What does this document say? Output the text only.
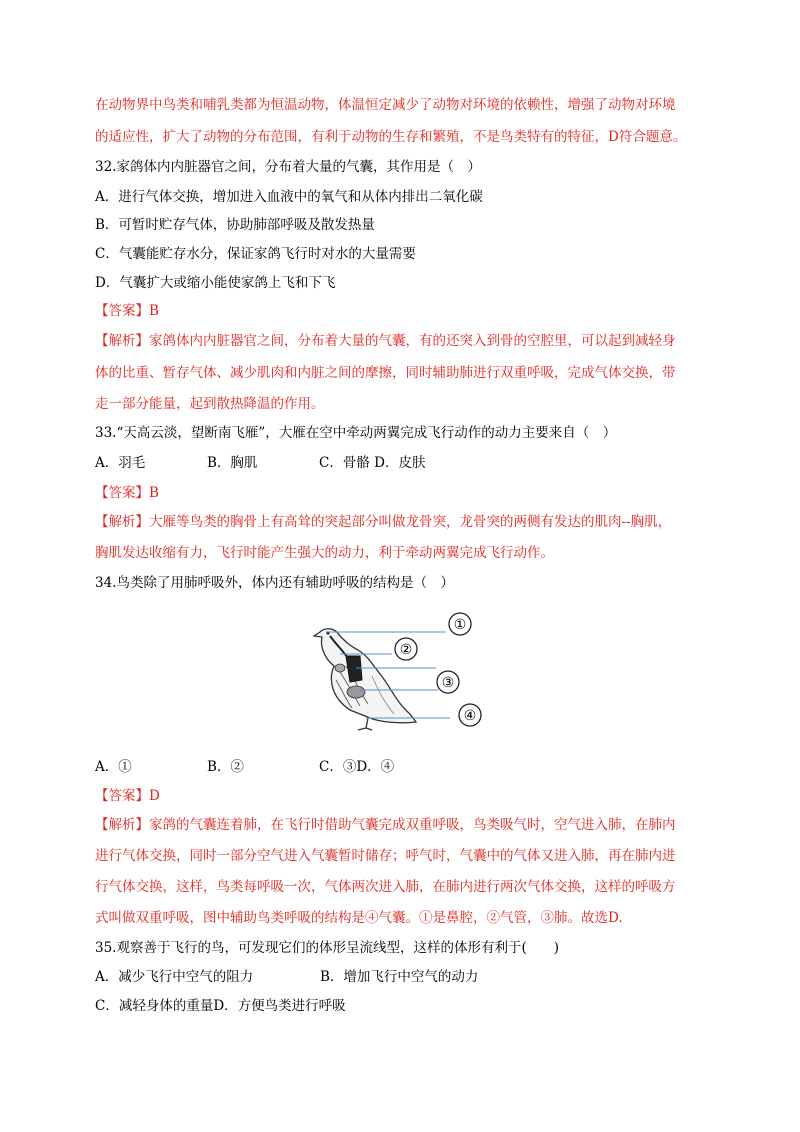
在动物界中鸟类和哺乳类都为恒温动物，体温恒定减少了动物对环境的依赖性，增强了动物对环境
的适应性，扩大了动物的分布范围，有利于动物的生存和繁殖，不是鸟类特有的特征，D符合题意。
32.家鸽体内内脏器官之间，分布着大量的气囊，其作用是（　）
A．进行气体交换，增加进入血液中的氧气和从体内排出二氧化碳
B．可暂时贮存气体，协助肺部呼吸及散发热量
C．气囊能贮存水分，保证家鸽飞行时对水的大量需要
D．气囊扩大或缩小能使家鸽上飞和下飞
【答案】B
【解析】家鸽体内内脏器官之间，分布着大量的气囊，有的还突入到骨的空腔里，可以起到减轻身
体的比重、暂存气体、减少肌肉和内脏之间的摩擦，同时辅助肺进行双重呼吸，完成气体交换，带
走一部分能量，起到散热降温的作用。
33.“天高云淡，望断南飞雁”，大雁在空中牵动两翼完成飞行动作的动力主要来自（　）
A．羽毛	B．胸肌	C．骨骼 D．皮肤
【答案】B
【解析】大雁等鸟类的胸骨上有高耸的突起部分叫做龙骨突，龙骨突的两侧有发达的肌肉--胸肌，
胸肌发达收缩有力，飞行时能产生强大的动力，利于牵动两翼完成飞行动作。
34.鸟类除了用肺呼吸外，体内还有辅助呼吸的结构是（　）
①
②
③
④
A．①	B．②	C．③D．④
【答案】D
【解析】家鸽的气囊连着肺，在飞行时借助气囊完成双重呼吸，鸟类吸气时，空气进入肺，在肺内
进行气体交换，同时一部分空气进入气囊暂时储存；呼气时，气囊中的气体又进入肺，再在肺内进
行气体交换，这样，鸟类每呼吸一次，气体两次进入肺，在肺内进行两次气体交换，这样的呼吸方
式叫做双重呼吸，图中辅助鸟类呼吸的结构是④气囊。①是鼻腔，②气管，③肺。故选D.
35.观察善于飞行的鸟，可发现它们的体形呈流线型，这样的体形有利于(　　)
A．减少飞行中空气的阻力	B．增加飞行中空气的动力
C．减轻身体的重量D．方便鸟类进行呼吸
